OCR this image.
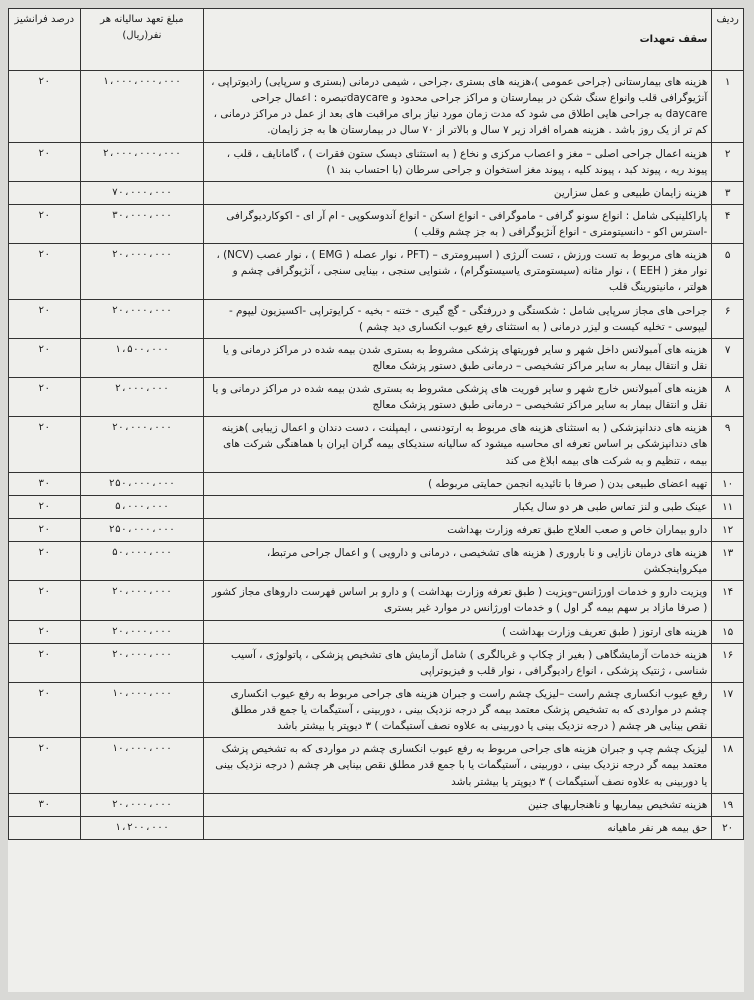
ردیف	سقف تعهدات	مبلغ تعهد سالیانه هر نفر(ریال)	درصد فرانشیز
۱	هزینه های بیمارستانی (جراحی عمومی )،هزینه های بستری ،جراحی ، شیمی درمانی (بستری و سرپایی) رادیوتراپی ، آنژیوگرافی قلب وانواع سنگ شکن در بیمارستان و مراکز جراحی محدود و daycareتبصره : اعمال جراحی daycare به جراحی هایی اطلاق می شود که مدت زمان مورد نیاز برای مراقبت های بعد از عمل در مراکز درمانی ، کم تر از یک روز باشد . هزینه همراه افراد زیر ۷ سال و بالاتر از ۷۰ سال در بیمارستان ها به جز زایمان.	۱،۰۰۰،۰۰۰،۰۰۰	۲۰
۲	هزینه اعمال جراحی اصلی – مغز و اعصاب مرکزی و نخاع ( به استثنای دیسک ستون فقرات ) ، گامانایف ، قلب ، پیوند ریه ، پیوند کبد ، پیوند کلیه ، پیوند مغز استخوان و جراحی سرطان (با احتساب بند ۱)	۲،۰۰۰،۰۰۰،۰۰۰	۲۰
۳	هزینه زایمان طبیعی و عمل سزارین	۷۰،۰۰۰،۰۰۰	
۴	پاراکلینیکی شامل : انواع سونو گرافی - ماموگرافی - انواع اسکن - انواع آندوسکوپی - ام آر ای - اکوکاردیوگرافی -استرس اکو - دانسیتومتری - انواع آنژیوگرافی ( به جز چشم وقلب )	۳۰،۰۰۰،۰۰۰	۲۰
۵	هزینه های مربوط به تست ورزش ، تست آلرژی ( اسپیرومتری – (PFT ، نوار عصله ( EMG ) ، نوار عصب (NCV) ، نوار مغز ( EEH ) ، نوار مثانه (سیستومتری یاسیستوگرام) ، شنوایی سنجی ، بینایی سنجی ، آنژیوگرافی چشم و هولتر ، مانیتورینگ قلب	۲۰،۰۰۰،۰۰۰	۲۰
۶	جراحی های مجاز سرپایی شامل : شکستگی و دررفتگی - گچ گیری - ختنه - بخیه - کرایوتراپی -اکسیزیون لیپوم - لیپوسی - تخلیه کیست و لیزر درمانی ( به استثنای رفع عیوب انکساری دید چشم )	۲۰،۰۰۰،۰۰۰	۲۰
۷	هزینه های آمبولانس داخل شهر و سایر فوریتهای پزشکی مشروط به بستری شدن بیمه شده در مراکز درمانی و یا نقل و انتقال بیمار به سایر مراکز تشخیصی – درمانی طبق دستور پزشک معالج	۱،۵۰۰،۰۰۰	۲۰
۸	هزینه های آمبولانس خارج شهر و سایر فوریت های پزشکی مشروط به بستری شدن بیمه شده در مراکز درمانی و یا نقل و انتقال بیمار به سایر مراکز تشخیصی – درمانی طبق دستور پزشک معالج	۲،۰۰۰،۰۰۰	۲۰
۹	هزینه های دندانپزشکی ( به استثنای هزینه های مربوط به ارتودنسی ، ایمپلنت ، دست دندان و اعمال زیبایی )هزینه های دندانپزشکی بر اساس تعرفه ای محاسبه میشود که سالیانه سندیکای بیمه گران ایران با هماهنگی شرکت های بیمه ، تنظیم و به شرکت های بیمه ابلاغ می کند	۲۰،۰۰۰،۰۰۰	۲۰
۱۰	تهیه اعضای طبیعی بدن ( صرفا با تائیدیه انجمن حمایتی مربوطه )	۲۵۰،۰۰۰،۰۰۰	۳۰
۱۱	عینک طبی و لنز تماس طبی هر دو سال یکبار	۵،۰۰۰،۰۰۰	۲۰
۱۲	دارو بیماران خاص و صعب العلاج طبق تعرفه وزارت بهداشت	۲۵۰،۰۰۰،۰۰۰	۲۰
۱۳	هزینه های درمان نازایی و نا باروری ( هزینه های تشخیصی ، درمانی و دارویی ) و اعمال جراحی مرتبط، میکرواینجکشن	۵۰،۰۰۰،۰۰۰	۲۰
۱۴	ویزیت دارو و خدمات اورژانس–ویزیت ( طبق تعرفه وزارت بهداشت ) و دارو بر اساس فهرست داروهای مجاز کشور ( صرفا مازاد بر سهم بیمه گر اول ) و خدمات اورژانس در موارد غیر بستری	۲۰،۰۰۰،۰۰۰	۲۰
۱۵	هزینه های ارتوز ( طبق تعریف وزارت بهداشت )	۲۰،۰۰۰،۰۰۰	۲۰
۱۶	هزینه خدمات آزمایشگاهی ( بغیر از چکاپ و غربالگری ) شامل آزمایش های تشخیص پزشکی ، پاتولوژی ، آسیب شناسی ، ژنتیک پزشکی ، انواع رادیوگرافی ، نوار قلب و فیزیوتراپی	۲۰،۰۰۰،۰۰۰	۲۰
۱۷	رفع عیوب انکساری چشم راست –لیزیک چشم راست و جبران هزینه های جراحی مربوط به رفع عیوب انکساری چشم در مواردی که به تشخیص پزشک معتمد بیمه گر درجه نزدیک بینی ، دوربینی ، آستیگمات یا جمع قدر مطلق نقص بینایی هر چشم ( درجه نزدیک بینی یا دوربینی به علاوه نصف آستیگمات ) ۳ دیوپتر یا بیشتر باشد	۱۰،۰۰۰،۰۰۰	۲۰
۱۸	لیزیک چشم چپ و جبران هزینه های جراحی مربوط به رفع عیوب انکساری چشم در مواردی که به تشخیص پزشک معتمد بیمه گر درجه نزدیک بینی ، دوربینی ، آستیگمات یا با جمع قدر مطلق نقص بینایی هر چشم ( درجه نزدیک بینی یا دوربینی به علاوه نصف آستیگمات ) ۳ دیوپتر یا بیشتر باشد	۱۰،۰۰۰،۰۰۰	۲۰
۱۹	هزینه تشخیص بیماریها و ناهنجاریهای جنین	۲۰،۰۰۰،۰۰۰	۳۰
۲۰	حق بیمه هر نفر ماهیانه	۱،۲۰۰،۰۰۰	
